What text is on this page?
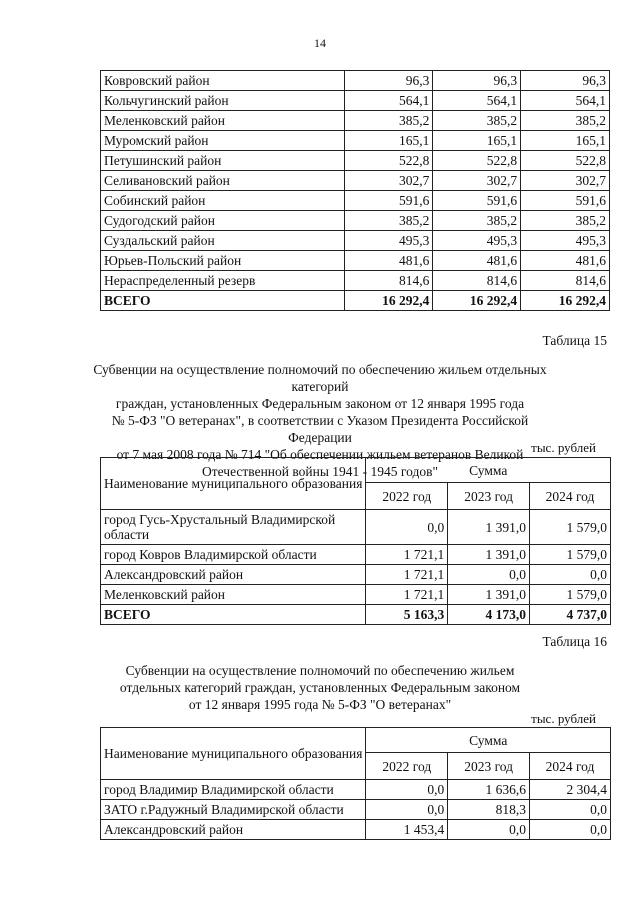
14
Ковровский район	96,3	96,3	96,3
Кольчугинский район	564,1	564,1	564,1
Меленковский район	385,2	385,2	385,2
Муромский район	165,1	165,1	165,1
Петушинский район	522,8	522,8	522,8
Селивановский район	302,7	302,7	302,7
Собинский район	591,6	591,6	591,6
Судогодский район	385,2	385,2	385,2
Суздальский район	495,3	495,3	495,3
Юрьев-Польский район	481,6	481,6	481,6
Нераспределенный резерв	814,6	814,6	814,6
ВСЕГО	16 292,4	16 292,4	16 292,4
Таблица 15
Субвенции на осуществление полномочий по обеспечению жильем отдельных категорий
граждан, установленных Федеральным законом от 12 января 1995 года
№ 5-ФЗ "О ветеранах", в соответствии с Указом Президента Российской Федерации
от 7 мая 2008 года № 714 "Об обеспечении жильем ветеранов Великой
Отечественной войны 1941 - 1945 годов"
тыс. рублей
Наименование муниципального образования	Сумма		
	2022 год	2023 год	2024 год
город Гусь-Хрустальный Владимирской области	0,0	1 391,0	1 579,0
город Ковров Владимирской области	1 721,1	1 391,0	1 579,0
Александровский район	1 721,1	0,0	0,0
Меленковский район	1 721,1	1 391,0	1 579,0
ВСЕГО	5 163,3	4 173,0	4 737,0
Таблица 16
Субвенции на осуществление полномочий по обеспечению жильем
отдельных категорий граждан, установленных Федеральным законом
от 12 января 1995 года № 5-ФЗ "О ветеранах"
тыс. рублей
Наименование муниципального образования	Сумма		
	2022 год	2023 год	2024 год
город Владимир Владимирской области	0,0	1 636,6	2 304,4
ЗАТО г.Радужный Владимирской области	0,0	818,3	0,0
Александровский район	1 453,4	0,0	0,0
